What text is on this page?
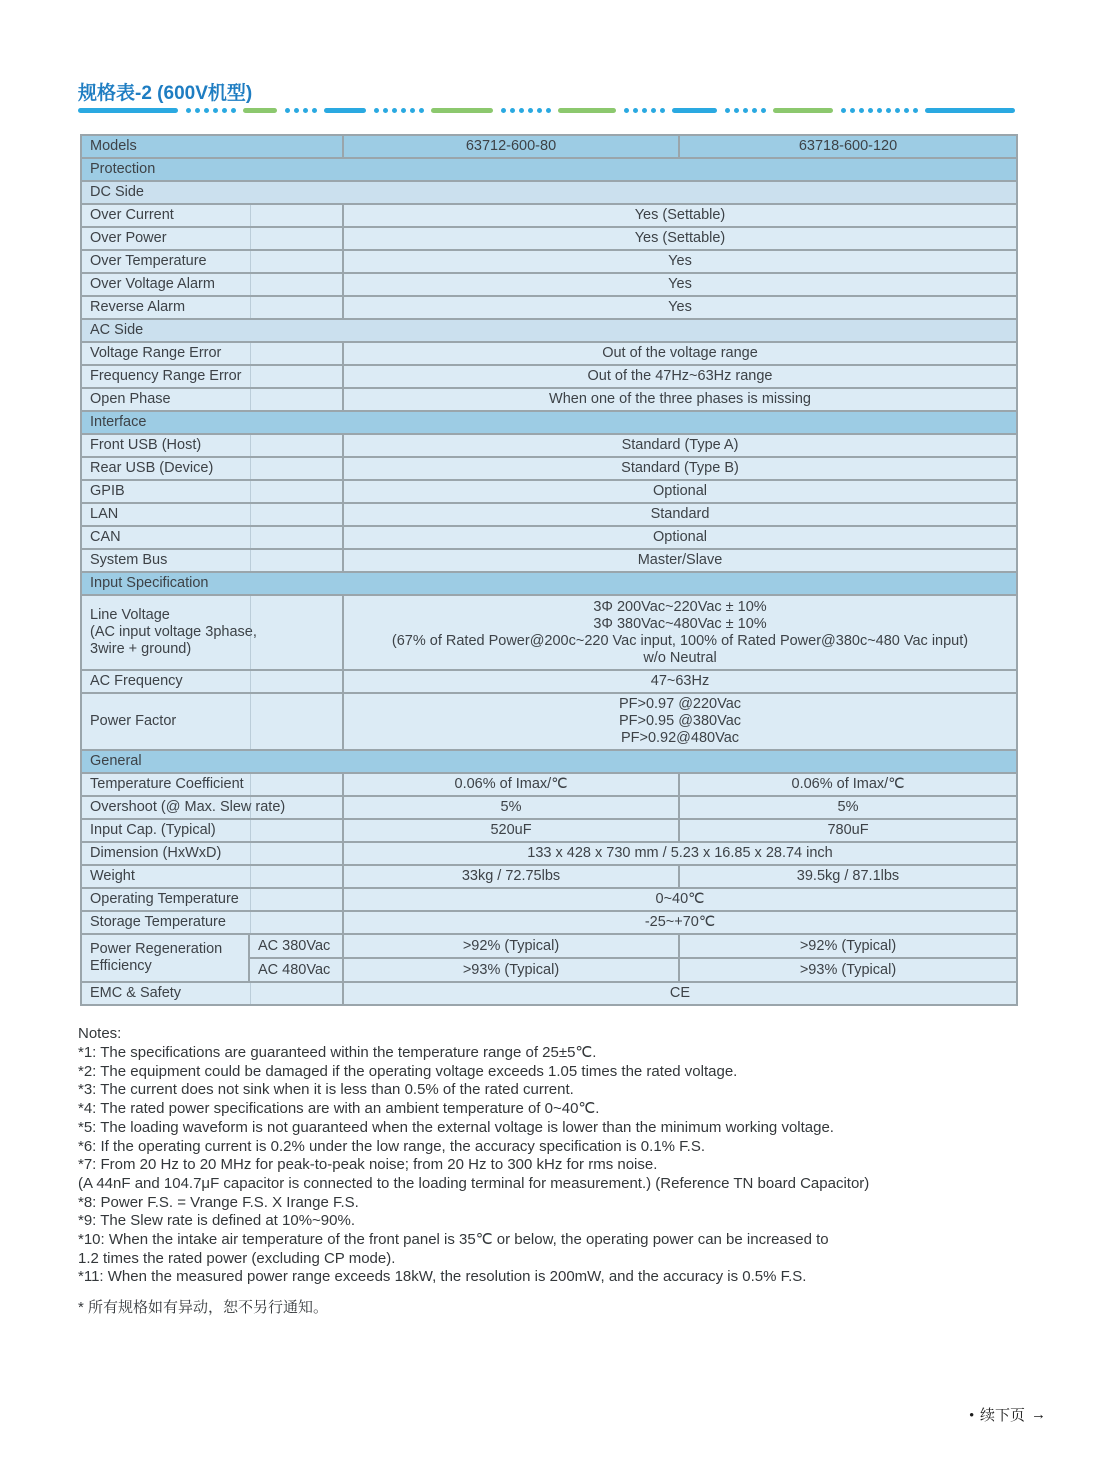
规格表-2 (600V机型)
Models		63712-600-80	63718-600-120
Protection			
DC Side			
Over Current		Yes (Settable)	
Over Power		Yes (Settable)	
Over Temperature		Yes	
Over Voltage Alarm		Yes	
Reverse Alarm		Yes	
AC Side			
Voltage Range Error		Out of the voltage range	
Frequency Range Error		Out of the 47Hz~63Hz range	
Open Phase		When one of the three phases is missing	
Interface			
Front USB (Host)		Standard (Type A)	
Rear USB (Device)		Standard (Type B)	
GPIB		Optional	
LAN		Standard	
CAN		Optional	
System Bus		Master/Slave	
Input Specification			
Line Voltage
(AC input voltage 3phase,
3wire + ground)		3Φ 200Vac~220Vac ± 10%
3Φ 380Vac~480Vac ± 10%
(67% of Rated Power@200c~220 Vac input, 100% of Rated Power@380c~480 Vac input)
w/o Neutral	
AC Frequency		47~63Hz	
Power Factor		PF>0.97 @220Vac
PF>0.95 @380Vac
PF>0.92@480Vac	
General			
Temperature Coefficient		0.06% of Imax/℃	0.06% of Imax/℃
Overshoot (@ Max. Slew rate)		5%	5%
Input Cap. (Typical)		520uF	780uF
Dimension (HxWxD)		133 x 428 x 730 mm / 5.23 x 16.85 x 28.74 inch	
Weight		33kg / 72.75lbs	39.5kg / 87.1lbs
Operating Temperature		0~40℃	
Storage Temperature		-25~+70℃	
Power Regeneration
Efficiency	AC 380Vac	>92% (Typical)	>92% (Typical)
	AC 480Vac	>93% (Typical)	>93% (Typical)
EMC & Safety		CE	
Notes:
*1: The specifications are guaranteed within the temperature range of 25±5℃.
*2: The equipment could be damaged if the operating voltage exceeds 1.05 times the rated voltage.
*3: The current does not sink when it is less than 0.5% of the rated current.
*4: The rated power specifications are with an ambient temperature of 0~40℃.
*5: The loading waveform is not guaranteed when the external voltage is lower than the minimum working voltage.
*6: If the operating current is 0.2% under the low range, the accuracy specification is 0.1% F.S.
*7: From 20 Hz to 20 MHz for peak-to-peak noise; from 20 Hz to 300 kHz for rms noise.
(A 44nF and 104.7μF capacitor is connected to the loading terminal for measurement.) (Reference TN board Capacitor)
*8: Power F.S. = Vrange F.S. X Irange F.S.
*9: The Slew rate is defined at 10%~90%.
*10: When the intake air temperature of the front panel is 35℃ or below, the operating power can be increased to
1.2 times the rated power (excluding CP mode).
*11: When the measured power range exceeds 18kW, the resolution is 200mW, and the accuracy is 0.5% F.S.
* 所有规格如有异动，恕不另行通知。
• 续下页 →
